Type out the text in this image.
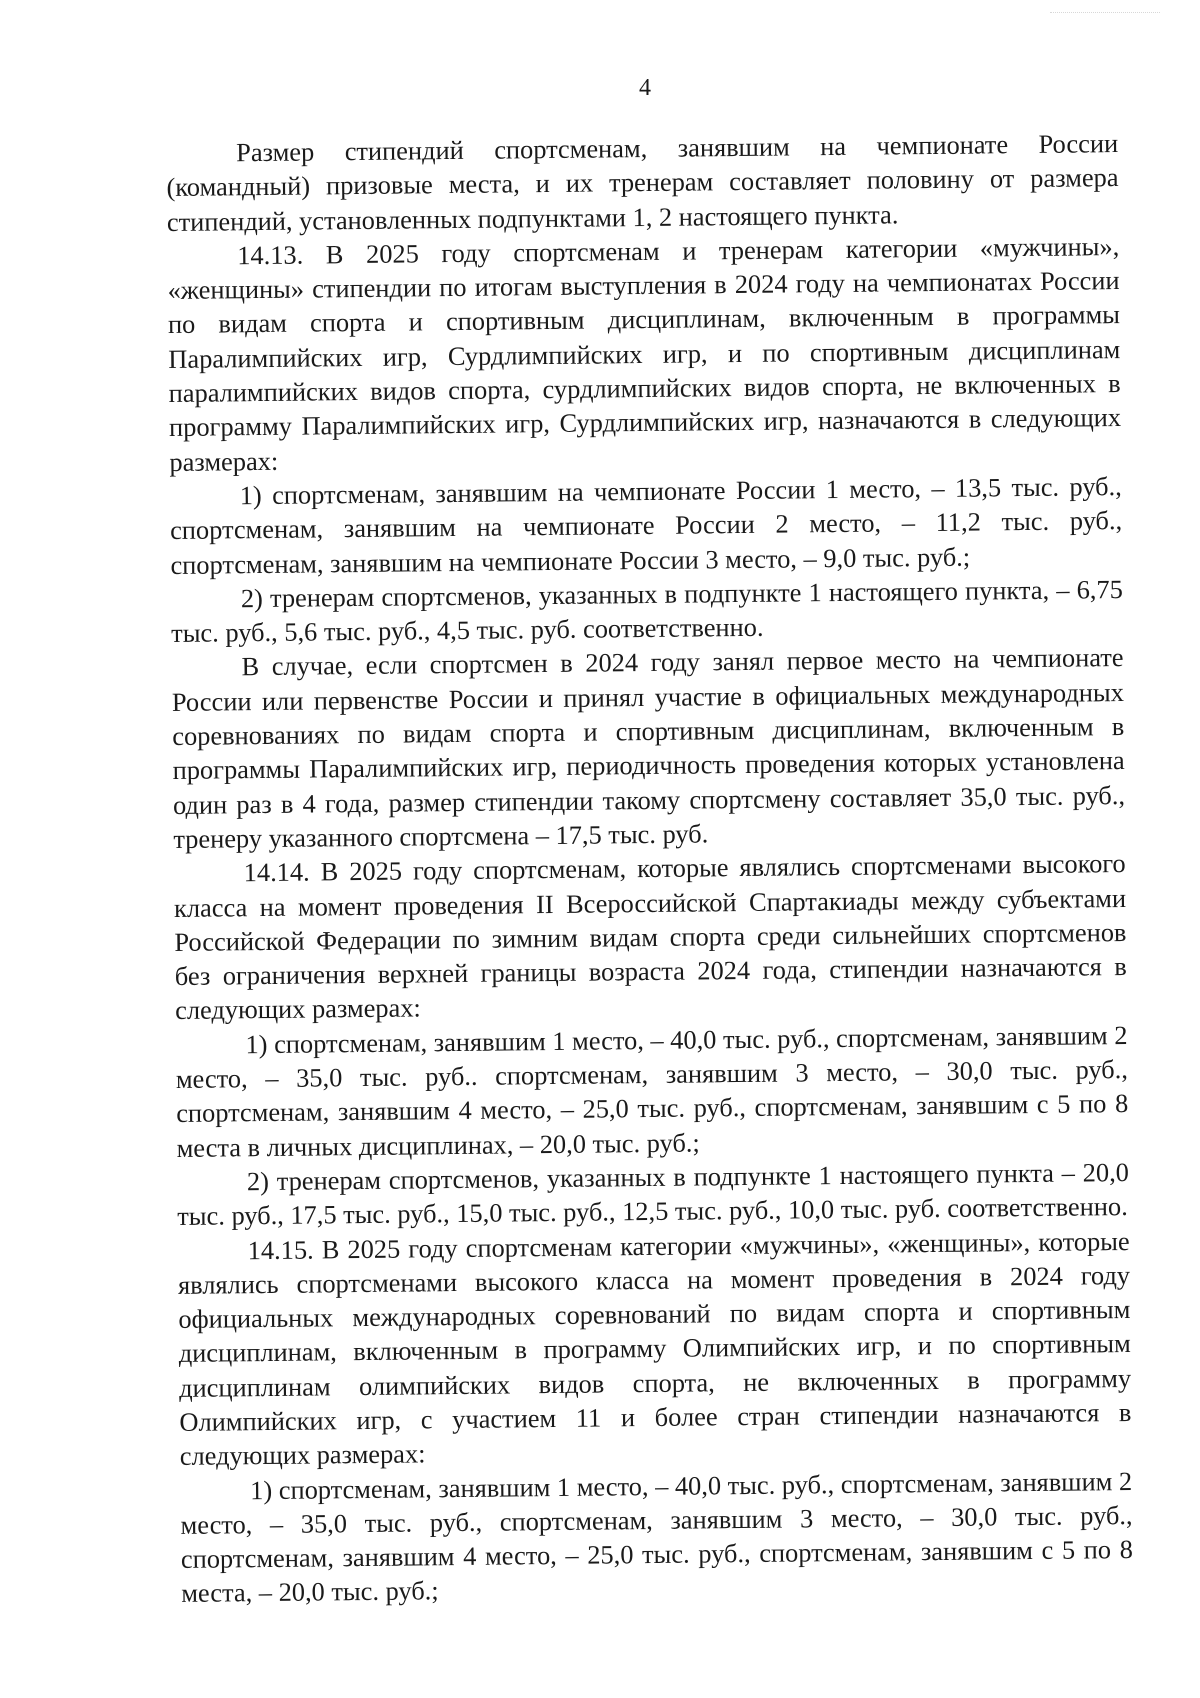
4

Размер стипендий спортсменам, занявшим на чемпионате России (командный) призовые места, и их тренерам составляет половину от размера стипендий, установленных подпунктами 1, 2 настоящего пункта.

14.13. В 2025 году спортсменам и тренерам категории «мужчины», «женщины» стипендии по итогам выступления в 2024 году на чемпионатах России по видам спорта и спортивным дисциплинам, включенным в программы Паралимпийских игр, Сурдлимпийских игр, и по спортивным дисциплинам паралимпийских видов спорта, сурдлимпийских видов спорта, не включенных в программу Паралимпийских игр, Сурдлимпийских игр, назначаются в следующих размерах:

1) спортсменам, занявшим на чемпионате России 1 место, – 13,5 тыс. руб., спортсменам, занявшим на чемпионате России 2 место, – 11,2 тыс. руб., спортсменам, занявшим на чемпионате России 3 место, – 9,0 тыс. руб.;

2) тренерам спортсменов, указанных в подпункте 1 настоящего пункта, – 6,75 тыс. руб., 5,6 тыс. руб., 4,5 тыс. руб. соответственно.

В случае, если спортсмен в 2024 году занял первое место на чемпионате России или первенстве России и принял участие в официальных международных соревнованиях по видам спорта и спортивным дисциплинам, включенным в программы Паралимпийских игр, периодичность проведения которых установлена один раз в 4 года, размер стипендии такому спортсмену составляет 35,0 тыс. руб., тренеру указанного спортсмена – 17,5 тыс. руб.

14.14. В 2025 году спортсменам, которые являлись спортсменами высокого класса на момент проведения II Всероссийской Спартакиады между субъектами Российской Федерации по зимним видам спорта среди сильнейших спортсменов без ограничения верхней границы возраста 2024 года, стипендии назначаются в следующих размерах:

1) спортсменам, занявшим 1 место, – 40,0 тыс. руб., спортсменам, занявшим 2 место, – 35,0 тыс. руб.. спортсменам, занявшим 3 место, – 30,0 тыс. руб., спортсменам, занявшим 4 место, – 25,0 тыс. руб., спортсменам, занявшим с 5 по 8 места в личных дисциплинах, – 20,0 тыс. руб.;

2) тренерам спортсменов, указанных в подпункте 1 настоящего пункта – 20,0 тыс. руб., 17,5 тыс. руб., 15,0 тыс. руб., 12,5 тыс. руб., 10,0 тыс. руб. соответственно.

14.15. В 2025 году спортсменам категории «мужчины», «женщины», которые являлись спортсменами высокого класса на момент проведения в 2024 году официальных международных соревнований по видам спорта и спортивным дисциплинам, включенным в программу Олимпийских игр, и по спортивным дисциплинам олимпийских видов спорта, не включенных в программу Олимпийских игр, с участием 11 и более стран стипендии назначаются в следующих размерах:

1) спортсменам, занявшим 1 место, – 40,0 тыс. руб., спортсменам, занявшим 2 место, – 35,0 тыс. руб., спортсменам, занявшим 3 место, – 30,0 тыс. руб., спортсменам, занявшим 4 место, – 25,0 тыс. руб., спортсменам, занявшим с 5 по 8 места, – 20,0 тыс. руб.;
